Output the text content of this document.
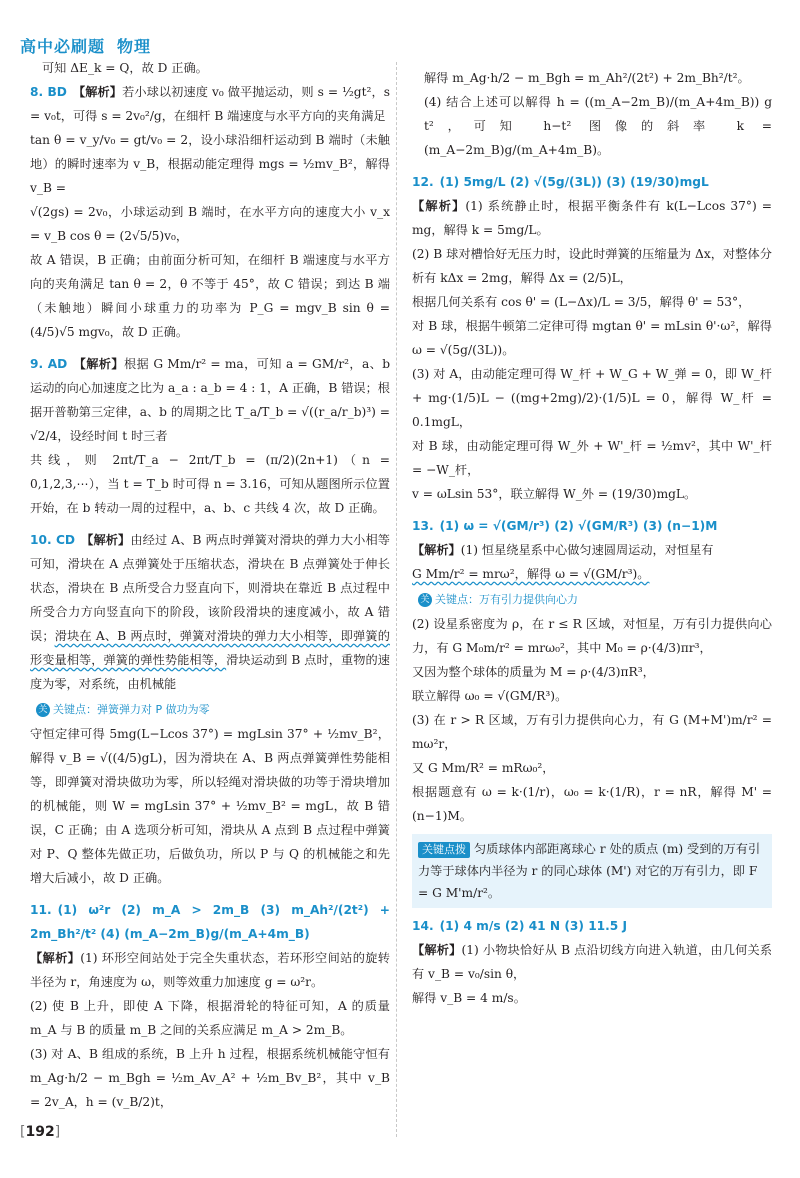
高中必刷题 物理

可知 ΔE_k = Q，故 D 正确。

8. BD 【解析】若小球以初速度 v₀ 做平抛运动，则 s = ½gt²，s = v₀t，可得 s = 2v₀²/g，在细杆 B 端速度与水平方向的夹角满足

tan θ = v_y/v₀ = gt/v₀ = 2，设小球沿细杆运动到 B 端时（未触地）的瞬时速率为 v_B，根据动能定理得 mgs = ½mv_B²，解得 v_B =

√(2gs) = 2v₀，小球运动到 B 端时，在水平方向的速度大小 v_x = v_B cos θ = (2√5/5)v₀，

故 A 错误，B 正确；由前面分析可知，在细杆 B 端速度与水平方向的夹角满足 tan θ = 2，θ 不等于 45°，故 C 错误；到达 B 端（未触地）瞬间小球重力的功率为 P_G = mgv_B sin θ = (4/5)√5 mgv₀，故 D 正确。

9. AD 【解析】根据 G Mm/r² = ma，可知 a = GM/r²，a、b 运动的向心加速度之比为 a_a : a_b = 4 : 1，A 正确，B 错误；根据开普勒第三定律，a、b 的周期之比 T_a/T_b = √((r_a/r_b)³) = √2/4，设经时间 t 时三者

共线，则 2πt/T_a − 2πt/T_b = (π/2)(2n+1)（n = 0,1,2,3,⋯），当 t = T_b 时可得 n = 3.16，可知从题图所示位置开始，在 b 转动一周的过程中，a、b、c 共线 4 次，故 D 正确。

10. CD 【解析】由经过 A、B 两点时弹簧对滑块的弹力大小相等可知，滑块在 A 点弹簧处于压缩状态，滑块在 B 点弹簧处于伸长状态，滑块在 B 点所受合力竖直向下，则滑块在靠近 B 点过程中所受合力方向竖直向下的阶段，该阶段滑块的速度减小，故 A 错误；滑块在 A、B 两点时，弹簧对滑块的弹力大小相等，即弹簧的形变量相等，弹簧的弹性势能相等，滑块运动到 B 点时，重物的速度为零，对系统，由机械能

关 关键点：弹簧弹力对 P 做功为零

守恒定律可得 5mg(L−Lcos 37°) = mgLsin 37° + ½mv_B²，解得 v_B = √((4/5)gL)，因为滑块在 A、B 两点弹簧弹性势能相等，即弹簧对滑块做功为零，所以轻绳对滑块做的功等于滑块增加的机械能，则 W = mgLsin 37° + ½mv_B² = mgL，故 B 错误，C 正确；由 A 选项分析可知，滑块从 A 点到 B 点过程中弹簧对 P、Q 整体先做正功，后做负功，所以 P 与 Q 的机械能之和先增大后减小，故 D 正确。

11. (1) ω²r (2) m_A > 2m_B (3) m_Ah²/(2t²) + 2m_Bh²/t² (4) (m_A−2m_B)g/(m_A+4m_B)

【解析】(1) 环形空间站处于完全失重状态，若环形空间站的旋转半径为 r，角速度为 ω，则等效重力加速度 g = ω²r。

(2) 使 B 上升，即使 A 下降，根据滑轮的特征可知，A 的质量 m_A 与 B 的质量 m_B 之间的关系应满足 m_A > 2m_B。

(3) 对 A、B 组成的系统，B 上升 h 过程，根据系统机械能守恒有 m_Ag·h/2 − m_Bgh = ½m_Av_A² + ½m_Bv_B²，其中 v_B = 2v_A，h = (v_B/2)t，

解得 m_Ag·h/2 − m_Bgh = m_Ah²/(2t²) + 2m_Bh²/t²。

(4) 结合上述可以解得 h = ((m_A−2m_B)/(m_A+4m_B)) g t²，可知 h−t² 图像的斜率 k = (m_A−2m_B)g/(m_A+4m_B)。

12. (1) 5mg/L (2) √(5g/(3L)) (3) (19/30)mgL

【解析】(1) 系统静止时，根据平衡条件有 k(L−Lcos 37°) = mg，解得 k = 5mg/L。

(2) B 球对槽恰好无压力时，设此时弹簧的压缩量为 Δx，对整体分析有 kΔx = 2mg，解得 Δx = (2/5)L，

根据几何关系有 cos θ' = (L−Δx)/L = 3/5，解得 θ' = 53°，

对 B 球，根据牛顿第二定律可得 mgtan θ' = mLsin θ'·ω²，解得 ω = √(5g/(3L))。

(3) 对 A，由动能定理可得 W_杆 + W_G + W_弹 = 0，即 W_杆 + mg·(1/5)L − ((mg+2mg)/2)·(1/5)L = 0，解得 W_杆 = 0.1mgL，

对 B 球，由动能定理可得 W_外 + W'_杆 = ½mv²，其中 W'_杆 = −W_杆，

v = ωLsin 53°，联立解得 W_外 = (19/30)mgL。

13. (1) ω = √(GM/r³) (2) √(GM/R³) (3) (n−1)M

【解析】(1) 恒星绕星系中心做匀速圆周运动，对恒星有

G Mm/r² = mrω²，解得 ω = √(GM/r³)。

关 关键点：万有引力提供向心力

(2) 设星系密度为 ρ，在 r ≤ R 区域，对恒星，万有引力提供向心力，有 G M₀m/r² = mrω₀²，其中 M₀ = ρ·(4/3)πr³，

又因为整个球体的质量为 M = ρ·(4/3)πR³，

联立解得 ω₀ = √(GM/R³)。

(3) 在 r > R 区域，万有引力提供向心力，有 G (M+M')m/r² = mω²r，

又 G Mm/R² = mRω₀²，

根据题意有 ω = k·(1/r)，ω₀ = k·(1/R)，r = nR，解得 M' = (n−1)M。

关键点拨 匀质球体内部距离球心 r 处的质点 (m) 受到的万有引力等于球体内半径为 r 的同心球体 (M') 对它的万有引力，即 F = G M'm/r²。

14. (1) 4 m/s (2) 41 N (3) 11.5 J

【解析】(1) 小物块恰好从 B 点沿切线方向进入轨道，由几何关系有 v_B = v₀/sin θ，

解得 v_B = 4 m/s。

[192]
